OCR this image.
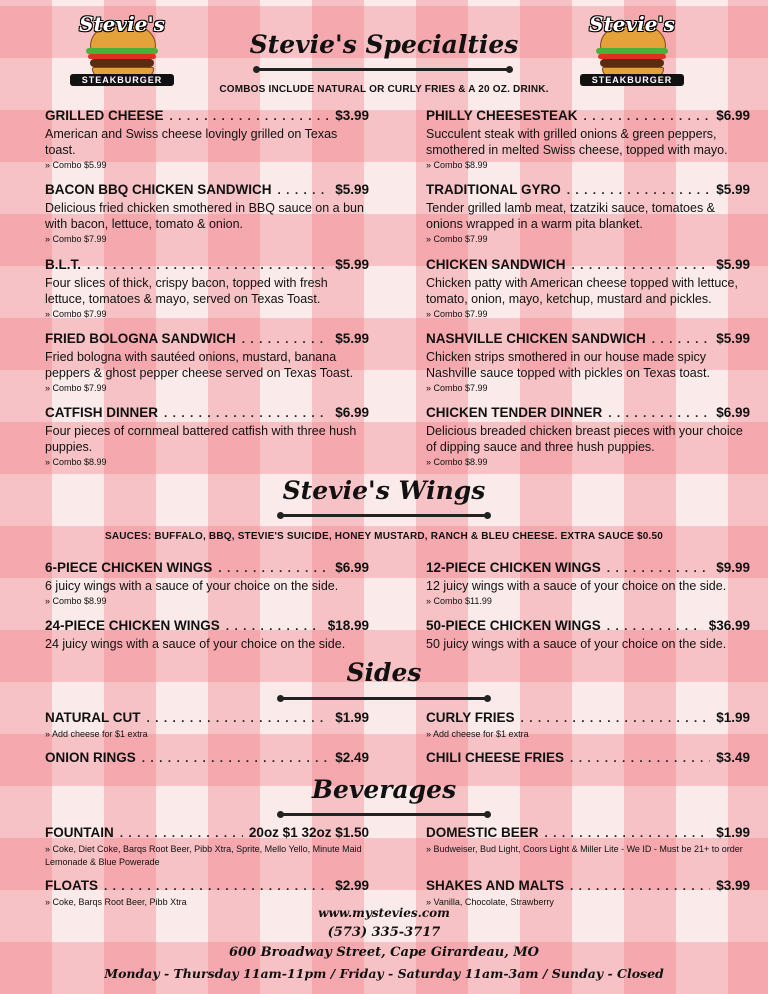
Stevie's
STEAKBURGER
Stevie's
STEAKBURGER
Stevie's Specialties
COMBOS INCLUDE NATURAL OR CURLY FRIES & A 20 OZ. DRINK.
GRILLED CHEESE . . .	$3.99
American and Swiss cheese lovingly grilled on Texas toast.
» Combo $5.99
BACON BBQ CHICKEN SANDWICH . . .	$5.99
Delicious fried chicken smothered in BBQ sauce on a bun with bacon, lettuce, tomato & onion.
» Combo $7.99
B.L.T. . . .	$5.99
Four slices of thick, crispy bacon, topped with fresh lettuce, tomatoes & mayo, served on Texas Toast.
» Combo $7.99
FRIED BOLOGNA SANDWICH . . .	$5.99
Fried bologna with sautéed onions, mustard, banana peppers & ghost pepper cheese served on Texas Toast.
» Combo $7.99
CATFISH DINNER . . .	$6.99
Four pieces of cornmeal battered catfish with three hush puppies.
» Combo $8.99
PHILLY CHEESESTEAK . . .	$6.99
Succulent steak with grilled onions & green peppers, smothered in melted Swiss cheese, topped with mayo.
» Combo $8.99
TRADITIONAL GYRO . . .	$5.99
Tender grilled lamb meat, tzatziki sauce, tomatoes & onions wrapped in a warm pita blanket.
» Combo $7.99
CHICKEN SANDWICH . . .	$5.99
Chicken patty with American cheese topped with lettuce, tomato, onion, mayo, ketchup, mustard and pickles.
» Combo $7.99
NASHVILLE CHICKEN SANDWICH . . .	$5.99
Chicken strips smothered in our house made spicy Nashville sauce topped with pickles on Texas toast.
» Combo $7.99
CHICKEN TENDER DINNER . . .	$6.99
Delicious breaded chicken breast pieces with your choice of dipping sauce and three hush puppies.
» Combo $8.99
Stevie's Wings
SAUCES: BUFFALO, BBQ, STEVIE'S SUICIDE, HONEY MUSTARD, RANCH & BLEU CHEESE. EXTRA SAUCE $0.50
6-PIECE CHICKEN WINGS . . .	$6.99
6 juicy wings with a sauce of your choice on the side.
» Combo $8.99
24-PIECE CHICKEN WINGS . . .	$18.99
24 juicy wings with a sauce of your choice on the side.
12-PIECE CHICKEN WINGS . . .	$9.99
12 juicy wings with a sauce of your choice on the side.
» Combo $11.99
50-PIECE CHICKEN WINGS . . .	$36.99
50 juicy wings with a sauce of your choice on the side.
Sides
NATURAL CUT . . .	$1.99
» Add cheese for $1 extra
ONION RINGS . . .	$2.49
CURLY FRIES . . .	$1.99
» Add cheese for $1 extra
CHILI CHEESE FRIES . . .	$3.49
Beverages
FOUNTAIN . . .	20oz $1 32oz $1.50
» Coke, Diet Coke, Barqs Root Beer, Pibb Xtra, Sprite, Mello Yello, Minute Maid Lemonade & Blue Powerade
FLOATS . . .	$2.99
» Coke, Barqs Root Beer, Pibb Xtra
DOMESTIC BEER . . .	$1.99
» Budweiser, Bud Light, Coors Light & Miller Lite - We ID - Must be 21+ to order
SHAKES AND MALTS . . .	$3.99
» Vanilla, Chocolate, Strawberry
www.mystevies.com
(573) 335-3717
600 Broadway Street, Cape Girardeau, MO
Monday - Thursday 11am-11pm / Friday - Saturday 11am-3am / Sunday - Closed
